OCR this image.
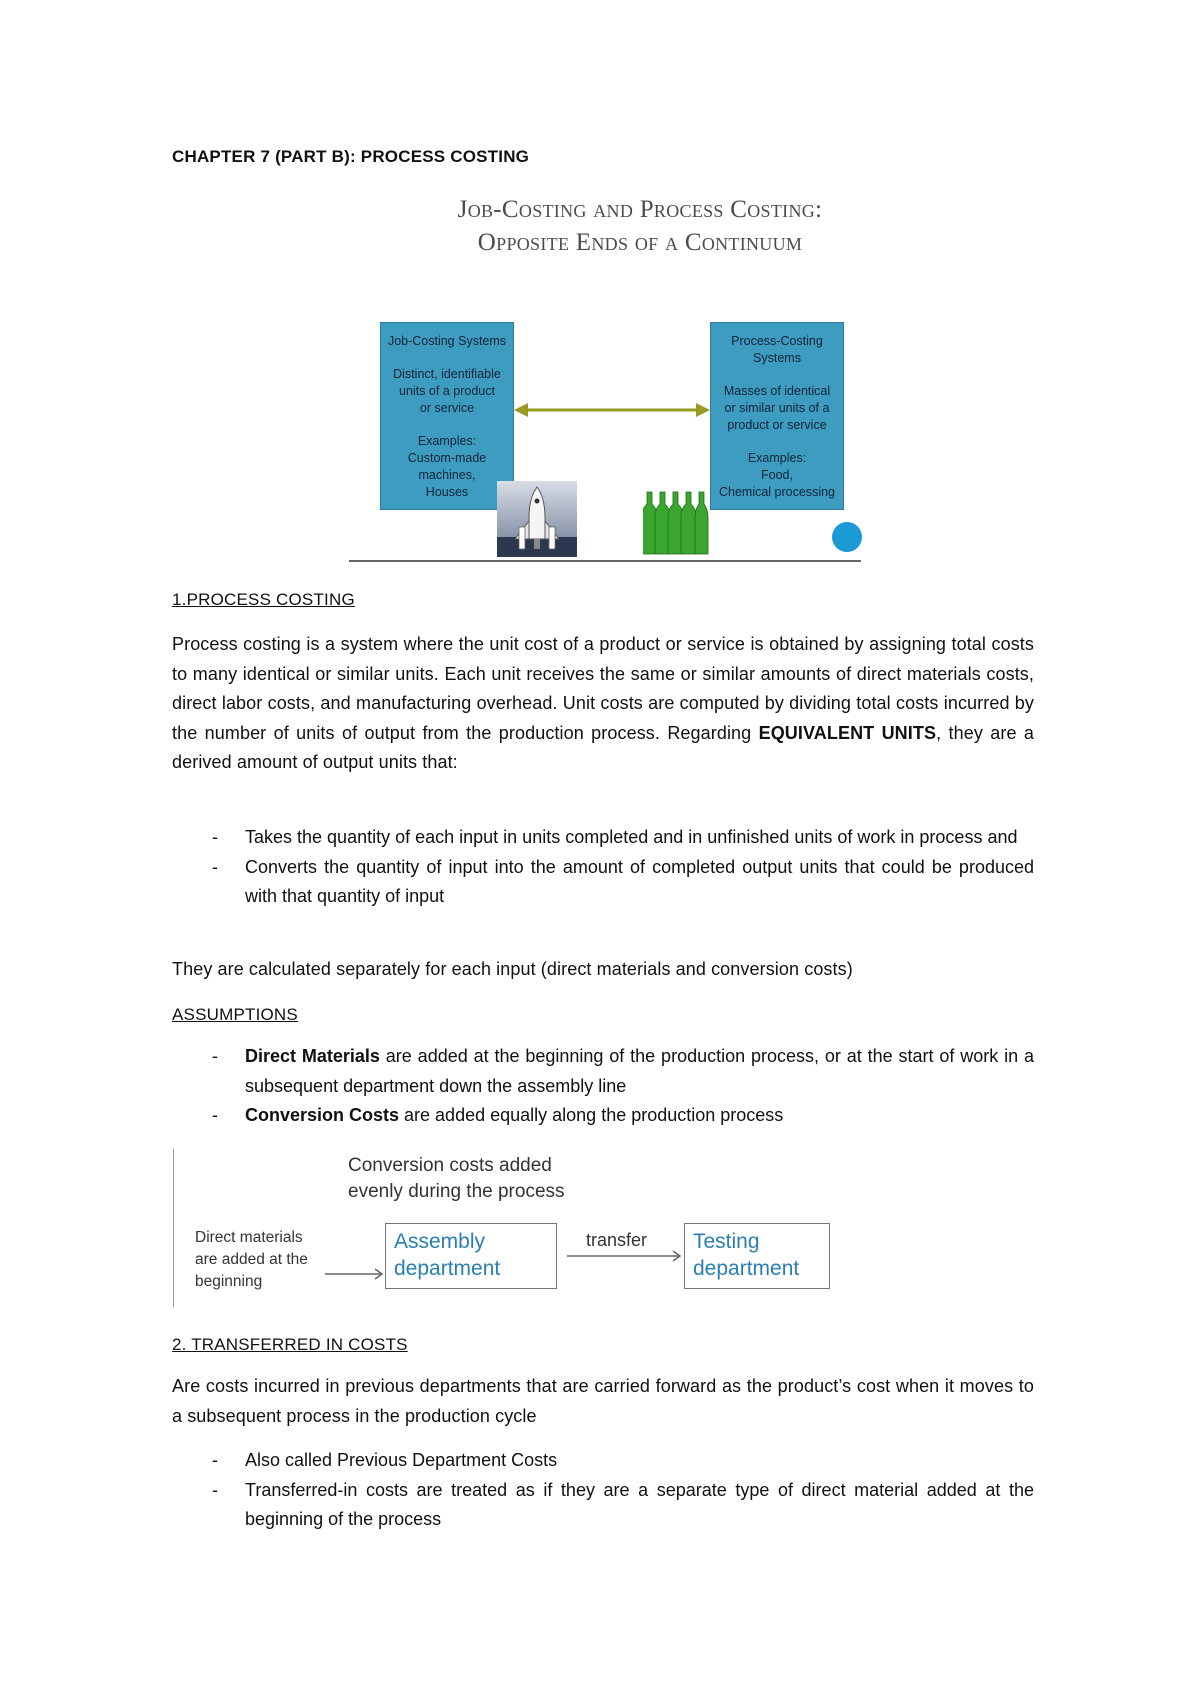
CHAPTER 7 (PART B): PROCESS COSTING
Job-Costing and Process Costing:
Opposite Ends of a Continuum
Job-Costing Systems
Distinct, identifiable
units of a product
or service
Examples:
Custom-made
machines,
Houses
Process-Costing
Systems
Masses of identical
or similar units of a
product or service
Examples:
Food,
Chemical processing
1.PROCESS COSTING
Process costing is a system where the unit cost of a product or service is obtained by assigning total costs to many identical or similar units. Each unit receives the same or similar amounts of direct materials costs, direct labor costs, and manufacturing overhead. Unit costs are computed by dividing total costs incurred by the number of units of output from the production process. Regarding EQUIVALENT UNITS, they are a derived amount of output units that:
- Takes the quantity of each input in units completed and in unfinished units of work in process and
- Converts the quantity of input into the amount of completed output units that could be produced with that quantity of input
They are calculated separately for each input (direct materials and conversion costs)
ASSUMPTIONS
- Direct Materials are added at the beginning of the production process, or at the start of work in a subsequent department down the assembly line
- Conversion Costs are added equally along the production process
Conversion costs added
evenly during the process
Direct materials
are added at the
beginning
Assembly
department
transfer Testing
department
2. TRANSFERRED IN COSTS
Are costs incurred in previous departments that are carried forward as the product’s cost when it moves to a subsequent process in the production cycle
- Also called Previous Department Costs
- Transferred-in costs are treated as if they are a separate type of direct material added at the beginning of the process
